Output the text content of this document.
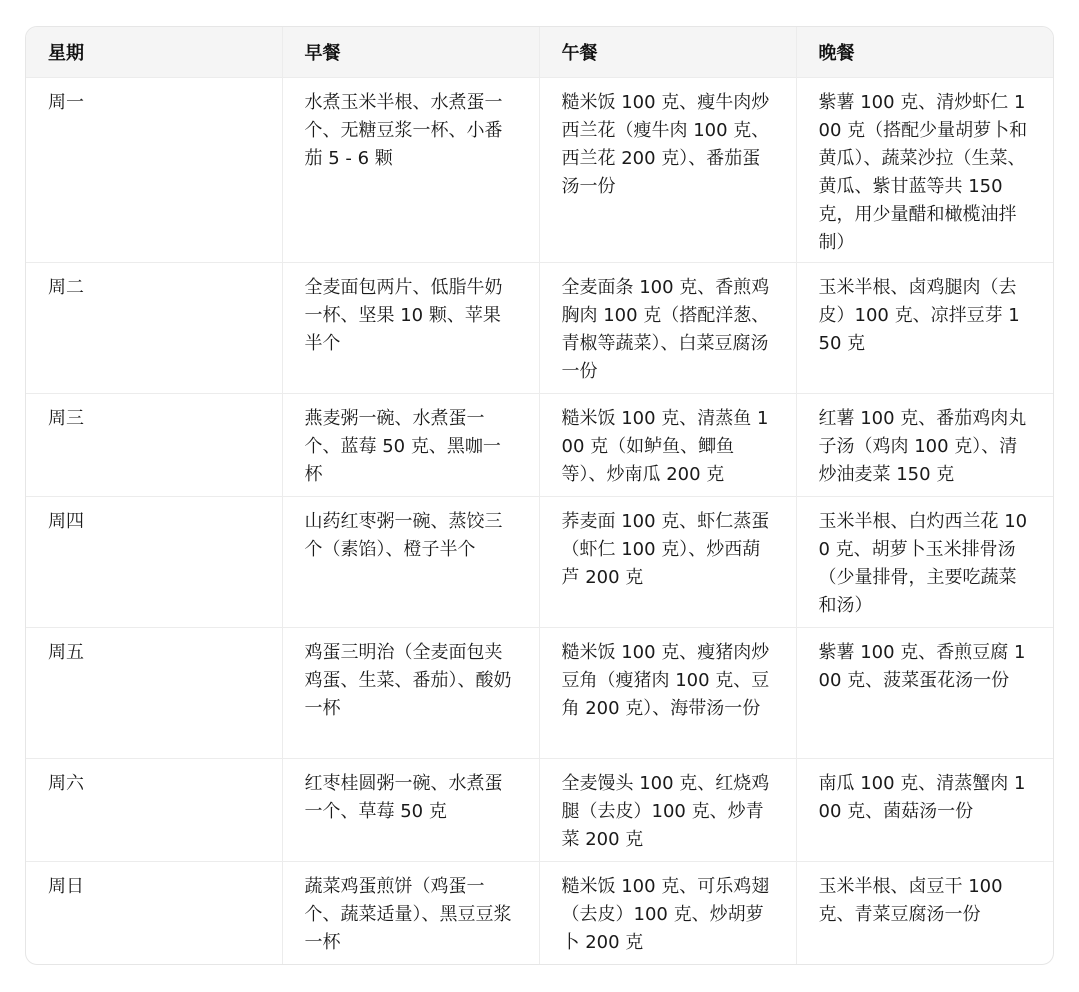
星期	早餐	午餐	晚餐
周一	水煮玉米半根、水煮蛋一个、无糖豆浆一杯、小番茄 5 - 6 颗	糙米饭 100 克、瘦牛肉炒西兰花（瘦牛肉 100 克、西兰花 200 克）、番茄蛋汤一份	紫薯 100 克、清炒虾仁 100 克（搭配少量胡萝卜和黄瓜）、蔬菜沙拉（生菜、黄瓜、紫甘蓝等共 150 克，用少量醋和橄榄油拌制）
周二	全麦面包两片、低脂牛奶一杯、坚果 10 颗、苹果半个	全麦面条 100 克、香煎鸡胸肉 100 克（搭配洋葱、青椒等蔬菜）、白菜豆腐汤一份	玉米半根、卤鸡腿肉（去皮）100 克、凉拌豆芽 150 克
周三	燕麦粥一碗、水煮蛋一个、蓝莓 50 克、黑咖一杯	糙米饭 100 克、清蒸鱼 100 克（如鲈鱼、鲫鱼等）、炒南瓜 200 克	红薯 100 克、番茄鸡肉丸子汤（鸡肉 100 克）、清炒油麦菜 150 克
周四	山药红枣粥一碗、蒸饺三个（素馅）、橙子半个	荞麦面 100 克、虾仁蒸蛋（虾仁 100 克）、炒西葫芦 200 克	玉米半根、白灼西兰花 100 克、胡萝卜玉米排骨汤（少量排骨，主要吃蔬菜和汤）
周五	鸡蛋三明治（全麦面包夹鸡蛋、生菜、番茄）、酸奶一杯	糙米饭 100 克、瘦猪肉炒豆角（瘦猪肉 100 克、豆角 200 克）、海带汤一份	紫薯 100 克、香煎豆腐 100 克、菠菜蛋花汤一份
周六	红枣桂圆粥一碗、水煮蛋一个、草莓 50 克	全麦馒头 100 克、红烧鸡腿（去皮）100 克、炒青菜 200 克	南瓜 100 克、清蒸蟹肉 100 克、菌菇汤一份
周日	蔬菜鸡蛋煎饼（鸡蛋一个、蔬菜适量）、黑豆豆浆一杯	糙米饭 100 克、可乐鸡翅（去皮）100 克、炒胡萝卜 200 克	玉米半根、卤豆干 100 克、青菜豆腐汤一份
